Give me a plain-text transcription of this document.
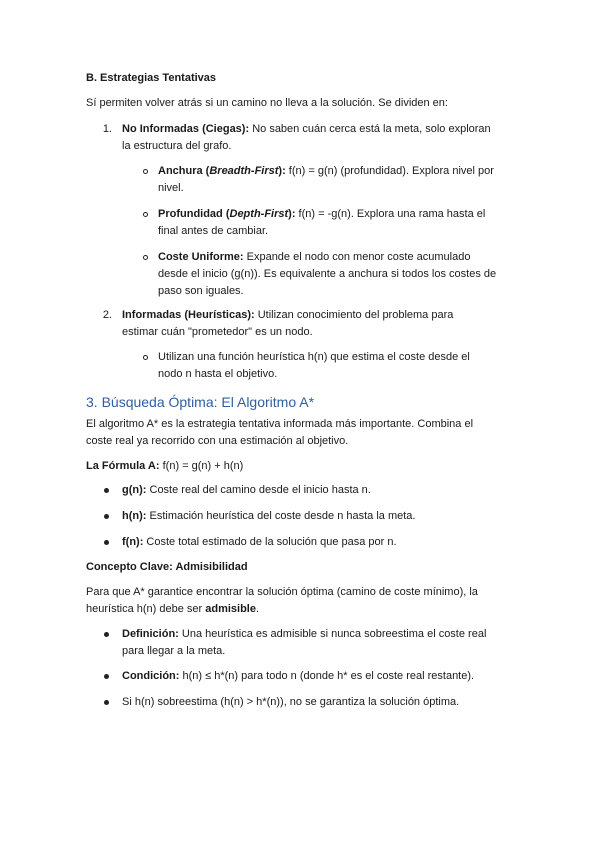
B. Estrategias Tentativas
Sí permiten volver atrás si un camino no lleva a la solución. Se dividen en:
1. No Informadas (Ciegas): No saben cuán cerca está la meta, solo exploran
la estructura del grafo.
Anchura (Breadth-First): f(n) = g(n) (profundidad). Explora nivel por
nivel.
Profundidad (Depth-First): f(n) = -g(n). Explora una rama hasta el
final antes de cambiar.
Coste Uniforme: Expande el nodo con menor coste acumulado
desde el inicio (g(n)). Es equivalente a anchura si todos los costes de
paso son iguales.
2. Informadas (Heurísticas): Utilizan conocimiento del problema para
estimar cuán "prometedor" es un nodo.
Utilizan una función heurística h(n) que estima el coste desde el
nodo n hasta el objetivo.
3. Búsqueda Óptima: El Algoritmo A*
El algoritmo A* es la estrategia tentativa informada más importante. Combina el
coste real ya recorrido con una estimación al objetivo.
La Fórmula A: f(n) = g(n) + h(n)
g(n): Coste real del camino desde el inicio hasta n.
h(n): Estimación heurística del coste desde n hasta la meta.
f(n): Coste total estimado de la solución que pasa por n.
Concepto Clave: Admisibilidad
Para que A* garantice encontrar la solución óptima (camino de coste mínimo), la
heurística h(n) debe ser admisible.
Definición: Una heurística es admisible si nunca sobreestima el coste real
para llegar a la meta.
Condición: h(n) ≤ h*(n) para todo n (donde h* es el coste real restante).
Si h(n) sobreestima (h(n) > h*(n)), no se garantiza la solución óptima.
